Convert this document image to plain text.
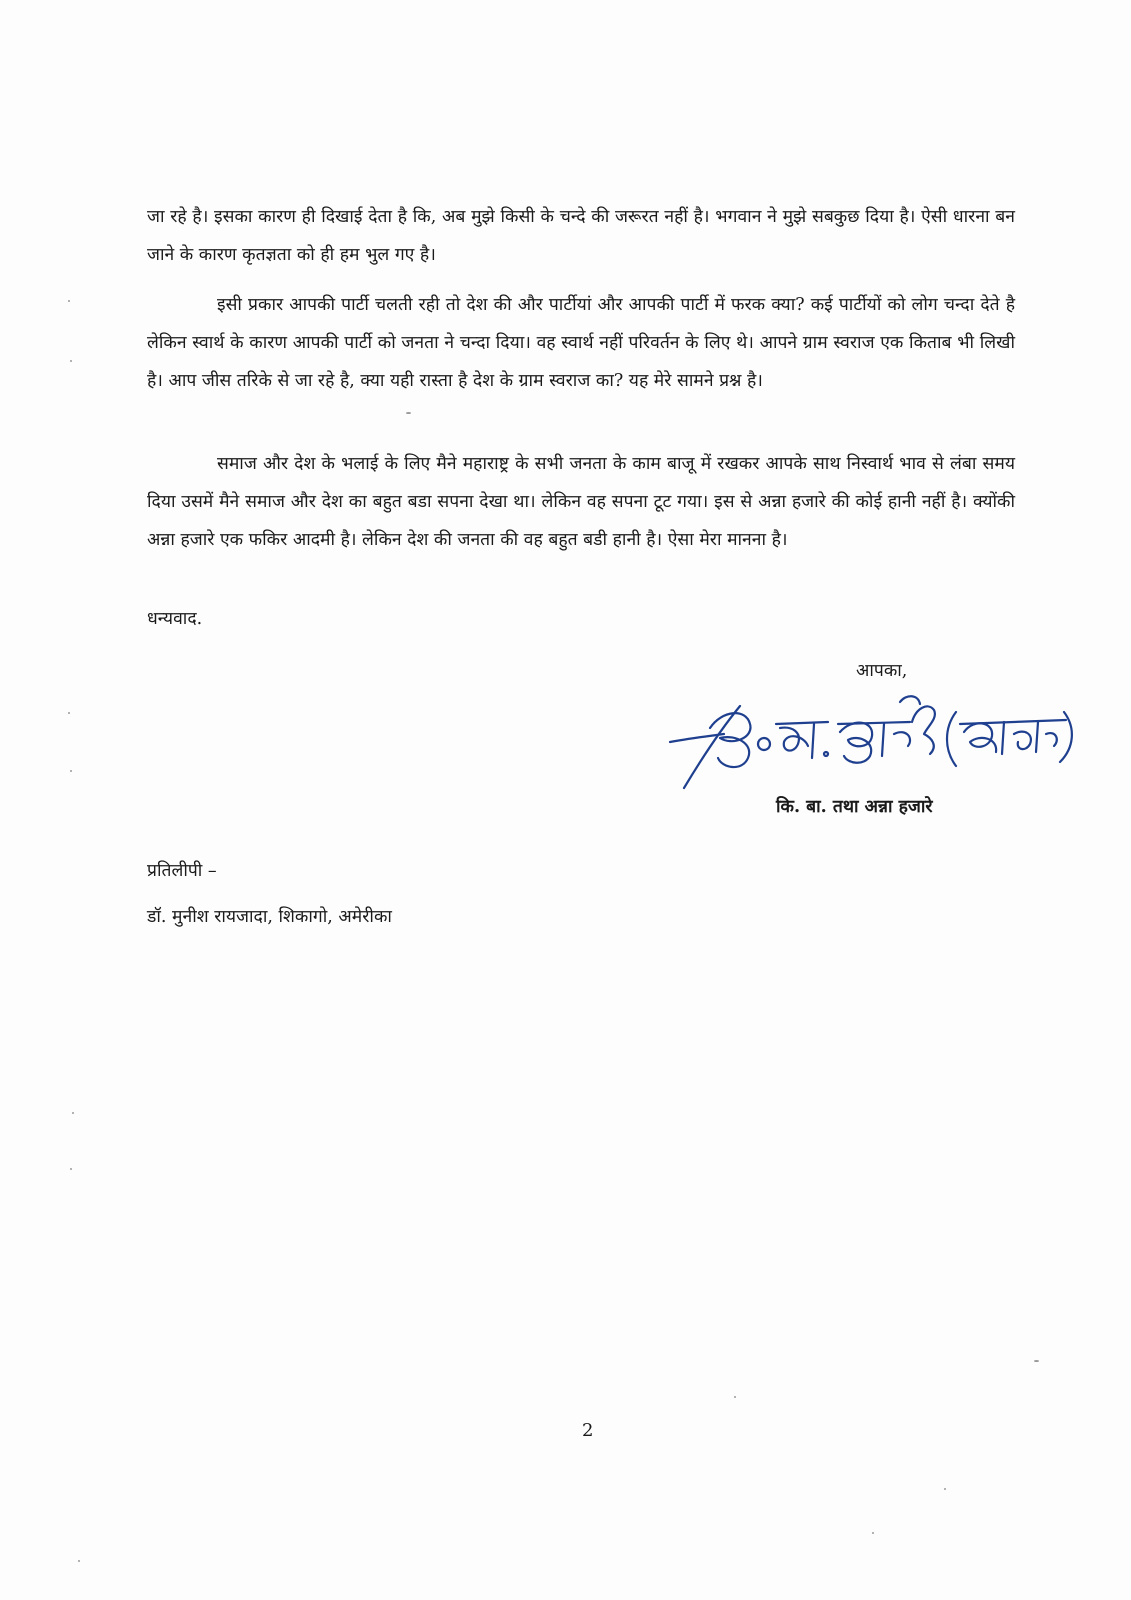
जा रहे है। इसका कारण ही दिखाई देता है कि, अब मुझे किसी के चन्दे की जरूरत नहीं है। भगवान ने मुझे सबकुछ दिया है। ऐसी धारना बन जाने के कारण कृतज्ञता को ही हम भुल गए है।

इसी प्रकार आपकी पार्टी चलती रही तो देश की और पार्टीयां और आपकी पार्टी में फरक क्या? कई पार्टीयों को लोग चन्दा देते है लेकिन स्वार्थ के कारण आपकी पार्टी को जनता ने चन्दा दिया। वह स्वार्थ नहीं परिवर्तन के लिए थे। आपने ग्राम स्वराज एक किताब भी लिखी है। आप जीस तरिके से जा रहे है, क्या यही रास्ता है देश के ग्राम स्वराज का? यह मेरे सामने प्रश्न है।

समाज और देश के भलाई के लिए मैने महाराष्ट्र के सभी जनता के काम बाजू में रखकर आपके साथ निस्वार्थ भाव से लंबा समय दिया उसमें मैने समाज और देश का बहुत बडा सपना देखा था। लेकिन वह सपना टूट गया। इस से अन्ना हजारे की कोई हानी नहीं है। क्योंकी अन्ना हजारे एक फकिर आदमी है। लेकिन देश की जनता की वह बहुत बडी हानी है। ऐसा मेरा मानना है।

धन्यवाद.

आपका,

कि. बा. तथा अन्ना हजारे

प्रतिलीपी –

डॉ. मुनीश रायजादा, शिकागो, अमेरीका

2
